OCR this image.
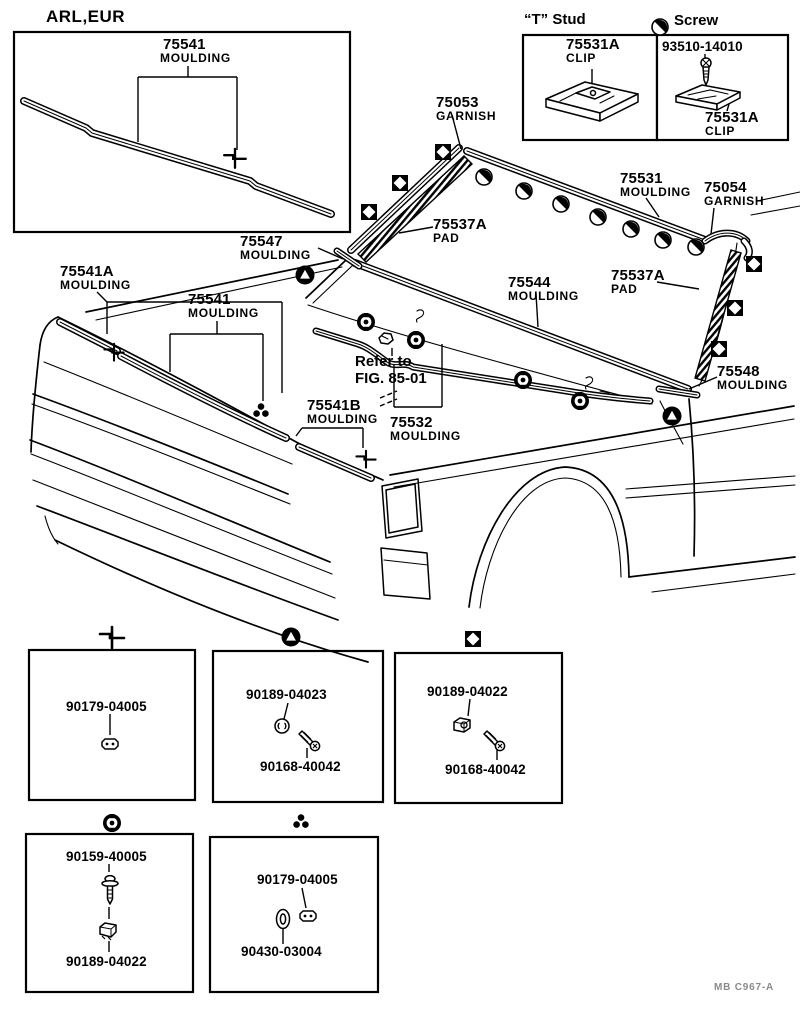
ARL,EUR
75541
MOULDING
“T” Stud	Screw
75531A
CLIP
93510-14010
75531A
CLIP
75053
GARNISH
75531
MOULDING 75054
GARNISH
75537A
PAD
75547
MOULDING
75544
MOULDING
75537A
PAD
75548
MOULDING
75541A
MOULDING
75541
MOULDING
Refer to
FIG. 85-01
75541B
MOULDING 75532
MOULDING
90179-04005
90189-04023
90168-40042
90189-04022
90168-40042
90159-40005
90189-04022
90179-04005
90430-03004
MB C967-A
